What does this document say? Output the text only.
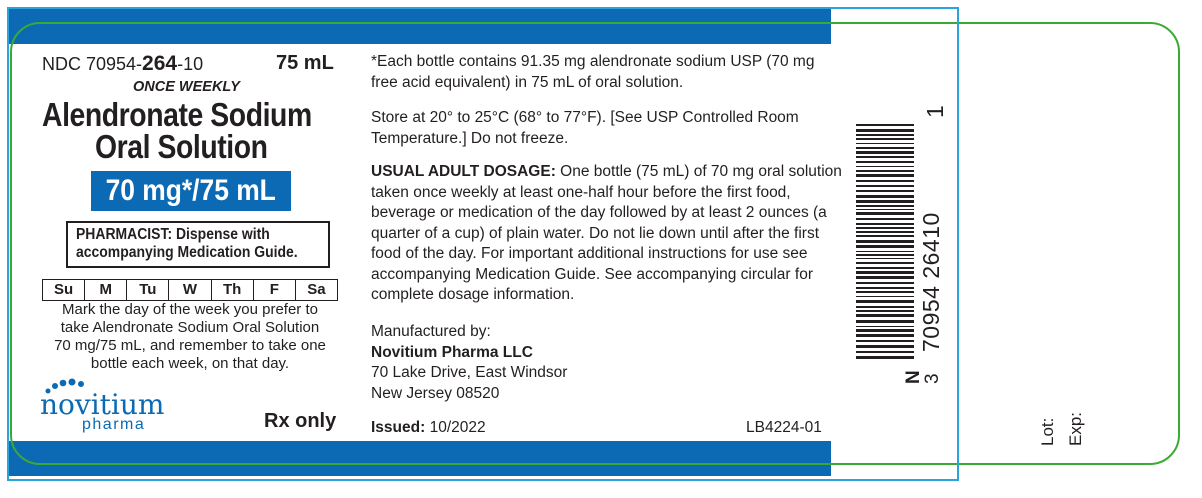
NDC 70954-264-10	75 mL
ONCE WEEKLY
Alendronate Sodium
Oral Solution
70 mg*/75 mL
PHARMACIST: Dispense with
accompanying Medication Guide.
Su	M	Tu	W	Th	F	Sa
Mark the day of the week you prefer to
take Alendronate Sodium Oral Solution
70 mg/75 mL, and remember to take one
bottle each week, on that day.
novitium
pharma	Rx only
*Each bottle contains 91.35 mg alendronate sodium USP (70 mg
free acid equivalent) in 75 mL of oral solution.
Store at 20° to 25°C (68° to 77°F). [See USP Controlled Room
Temperature.] Do not freeze.
USUAL ADULT DOSAGE: One bottle (75 mL) of 70 mg oral solution
taken once weekly at least one-half hour before the first food,
beverage or medication of the day followed by at least 2 ounces (a
quarter of a cup) of plain water. Do not lie down until after the first
food of the day. For important additional instructions for use see
accompanying Medication Guide. See accompanying circular for
complete dosage information.
Manufactured by:
Novitium Pharma LLC
70 Lake Drive, East Windsor
New Jersey 08520
Issued: 10/2022	LB4224-01
70954 26410
1
N
3
Lot: Exp:
